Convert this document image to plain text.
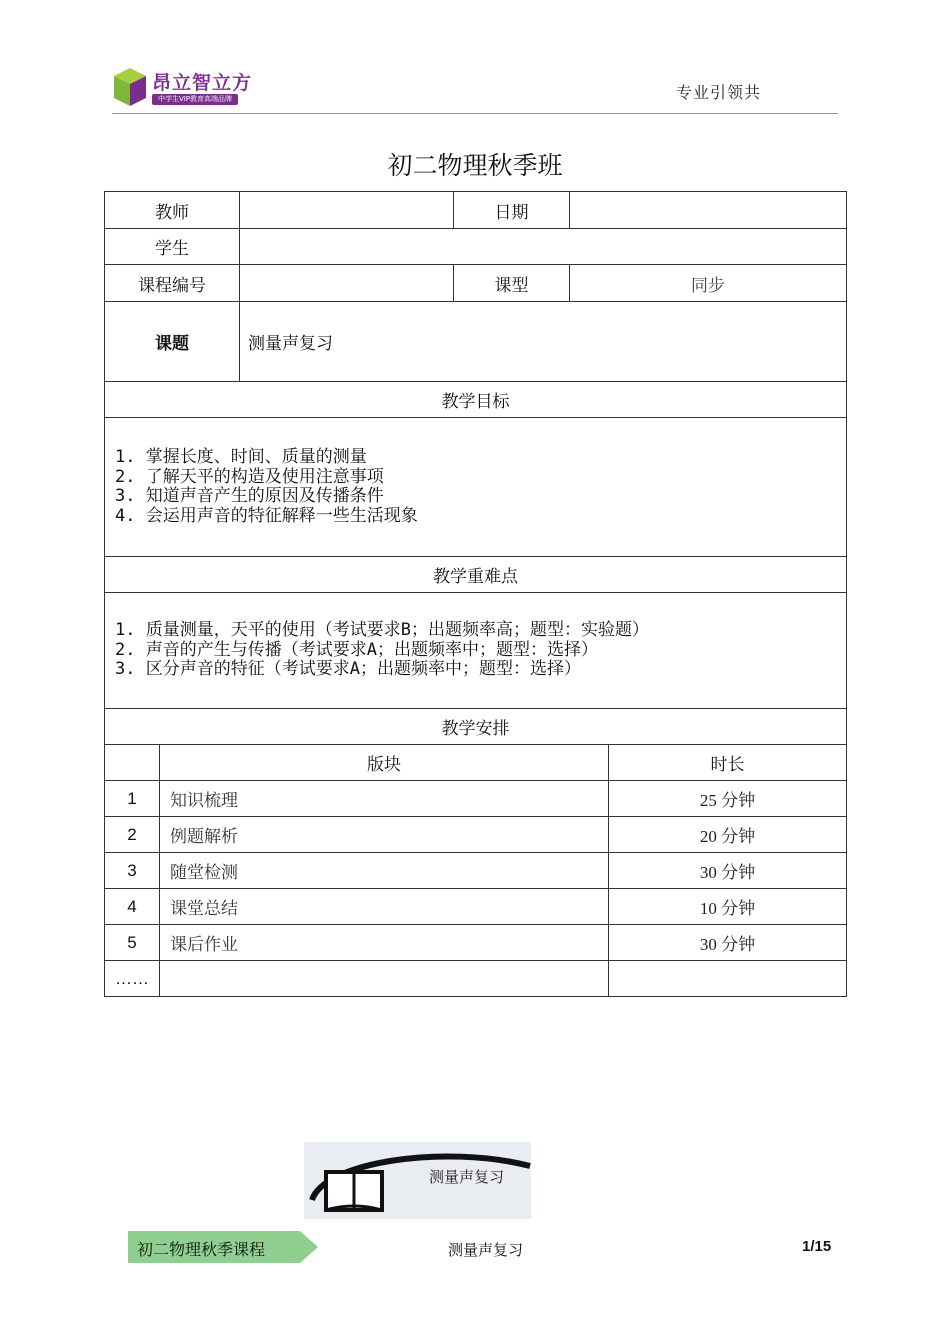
昂立智立方
中学生VIP教育高端品牌	专业引领共
初二物理秋季班
教师		日期	
学生			
课程编号		课型	同步
课题	测量声复习		
教学目标			

1. 掌握长度、时间、质量的测量
2. 了解天平的构造及使用注意事项
3. 知道声音产生的原因及传播条件
4. 会运用声音的特征解释一些生活现象			

教学重难点			

1. 质量测量，天平的使用（考试要求B；出题频率高；题型：实验题）
2. 声音的产生与传播（考试要求A；出题频率中；题型：选择）
3. 区分声音的特征（考试要求A；出题频率中；题型：选择）			

教学安排			
	版块	时长
1	知识梳理	25 分钟
2	例题解析	20 分钟
3	随堂检测	30 分钟
4	课堂总结	10 分钟
5	课后作业	30 分钟
……		
测量声复习
初二物理秋季课程	测量声复习	1/15
